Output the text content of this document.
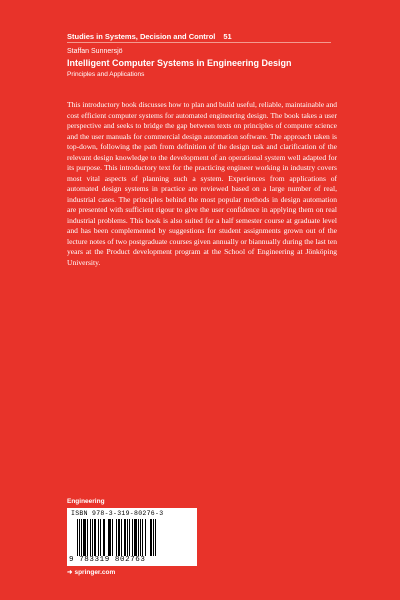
Studies in Systems, Decision and Control 51
Staffan Sunnersjö
Intelligent Computer Systems in Engineering Design
Principles and Applications

This introductory book discusses how to plan and build useful, reliable, maintainable and cost efficient computer systems for automated engineering design. The book takes a user perspective and seeks to bridge the gap between texts on principles of computer science and the user manuals for commercial design automation software. The approach taken is top-down, following the path from definition of the design task and clarification of the relevant design knowledge to the development of an operational system well adapted for its purpose. This introductory text for the practicing engineer working in industry covers most vital aspects of planning such a system. Experiences from applications of automated design systems in practice are reviewed based on a large number of real, industrial cases. The principles behind the most popular methods in design automation are presented with sufficient rigour to give the user confidence in applying them on real industrial problems. This book is also suited for a half semester course at graduate level and has been complemented by suggestions for student assignments grown out of the lecture notes of two postgraduate courses given annually or biannually during the last ten years at the Product development program at the School of Engineering at Jönköping University.

Engineering
ISBN 978-3-319-80276-3
9 783319 802763
➜ springer.com
